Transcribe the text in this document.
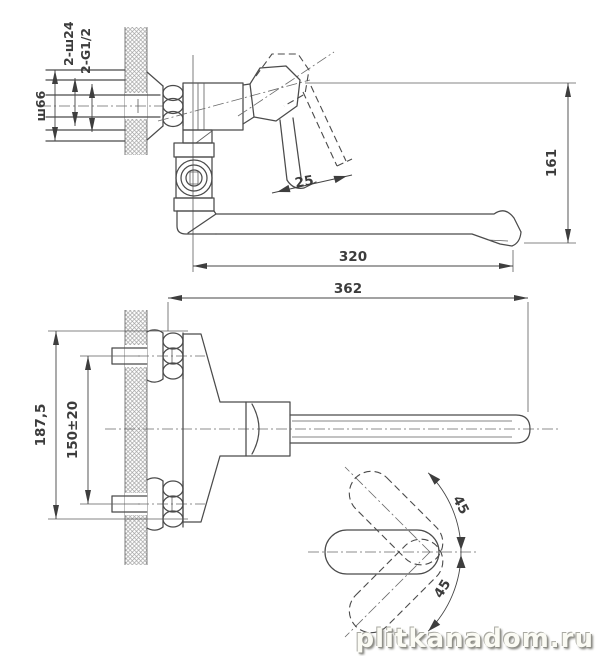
ш66
2-ш24 2-G1/2
25
161
320
362
187,5 150±20
45
45
plitkanadom.ru
